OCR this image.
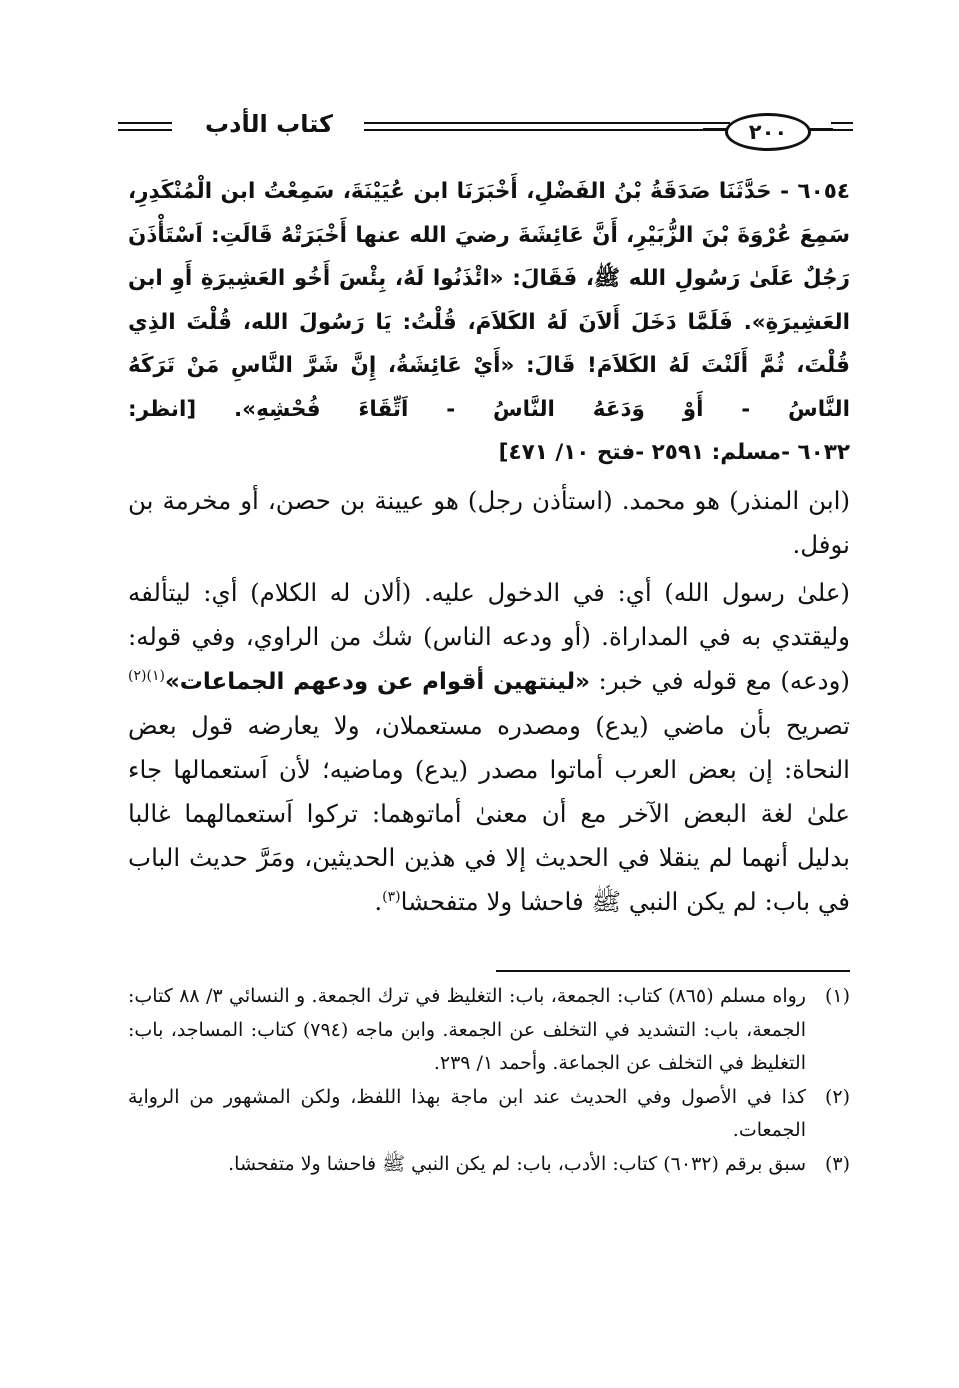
كتاب الأدب	٢٠٠

٦٠٥٤ - حَدَّثَنَا صَدَقَةُ بْنُ الفَضْلِ، أَخْبَرَنَا ابن عُيَيْنَةَ، سَمِعْتُ ابن الْمُنْكَدِرِ، سَمِعَ عُرْوَةَ بْنَ الزُّبَيْرِ، أَنَّ عَائِشَةَ رضيَ الله عنها أَخْبَرَتْهُ قَالَتِ: اَسْتَأْذَنَ رَجُلٌ عَلَىٰ رَسُولِ الله ﷺ، فَقَالَ: «ائْذَنُوا لَهُ، بِئْسَ أَخُو العَشِيرَةِ أَوِ ابن العَشِيرَةِ». فَلَمَّا دَخَلَ أَلاَنَ لَهُ الكَلاَمَ، قُلْتُ: يَا رَسُولَ الله، قُلْتَ الذِي قُلْتَ، ثُمَّ أَلَنْتَ لَهُ الكَلاَمَ! قَالَ: «أَيْ عَائِشَةُ، إِنَّ شَرَّ النَّاسِ مَنْ تَرَكَهُ النَّاسُ - أَوْ وَدَعَهُ النَّاسُ - اَتِّقَاءَ فُحْشِهِ». [انظر: ٦٠٣٢ -مسلم: ٢٥٩١ -فتح ١٠/ ٤٧١]

(ابن المنذر) هو محمد. (استأذن رجل) هو عيينة بن حصن، أو مخرمة بن نوفل.

(علىٰ رسول الله) أي: في الدخول عليه. (ألان له الكلام) أي: ليتألفه وليقتدي به في المداراة. (أو ودعه الناس) شك من الراوي، وفي قوله: (ودعه) مع قوله في خبر: «لينتهين أقوام عن ودعهم الجماعات»$^{(١)(٢)}$ تصريح بأن ماضي (يدع) ومصدره مستعملان، ولا يعارضه قول بعض النحاة: إن بعض العرب أماتوا مصدر (يدع) وماضيه؛ لأن اَستعمالها جاء علىٰ لغة البعض الآخر مع أن معنىٰ أماتوهما: تركوا اَستعمالهما غالبا بدليل أنهما لم ينقلا في الحديث إلا في هذين الحديثين، ومَرَّ حديث الباب في باب: لم يكن النبي ﷺ فاحشا ولا متفحشا$^{(٣)}$.

(١)
رواه مسلم (٨٦٥) كتاب: الجمعة، باب: التغليظ في ترك الجمعة. و النسائي ٣/ ٨٨ كتاب: الجمعة، باب: التشديد في التخلف عن الجمعة. وابن ماجه (٧٩٤) كتاب: المساجد، باب: التغليظ في التخلف عن الجماعة. وأحمد ١/ ٢٣٩.

(٢)
كذا في الأصول وفي الحديث عند ابن ماجة بهذا اللفظ، ولكن المشهور من الرواية الجمعات.

(٣)
سبق برقم (٦٠٣٢) كتاب: الأدب، باب: لم يكن النبي ﷺ فاحشا ولا متفحشا.
